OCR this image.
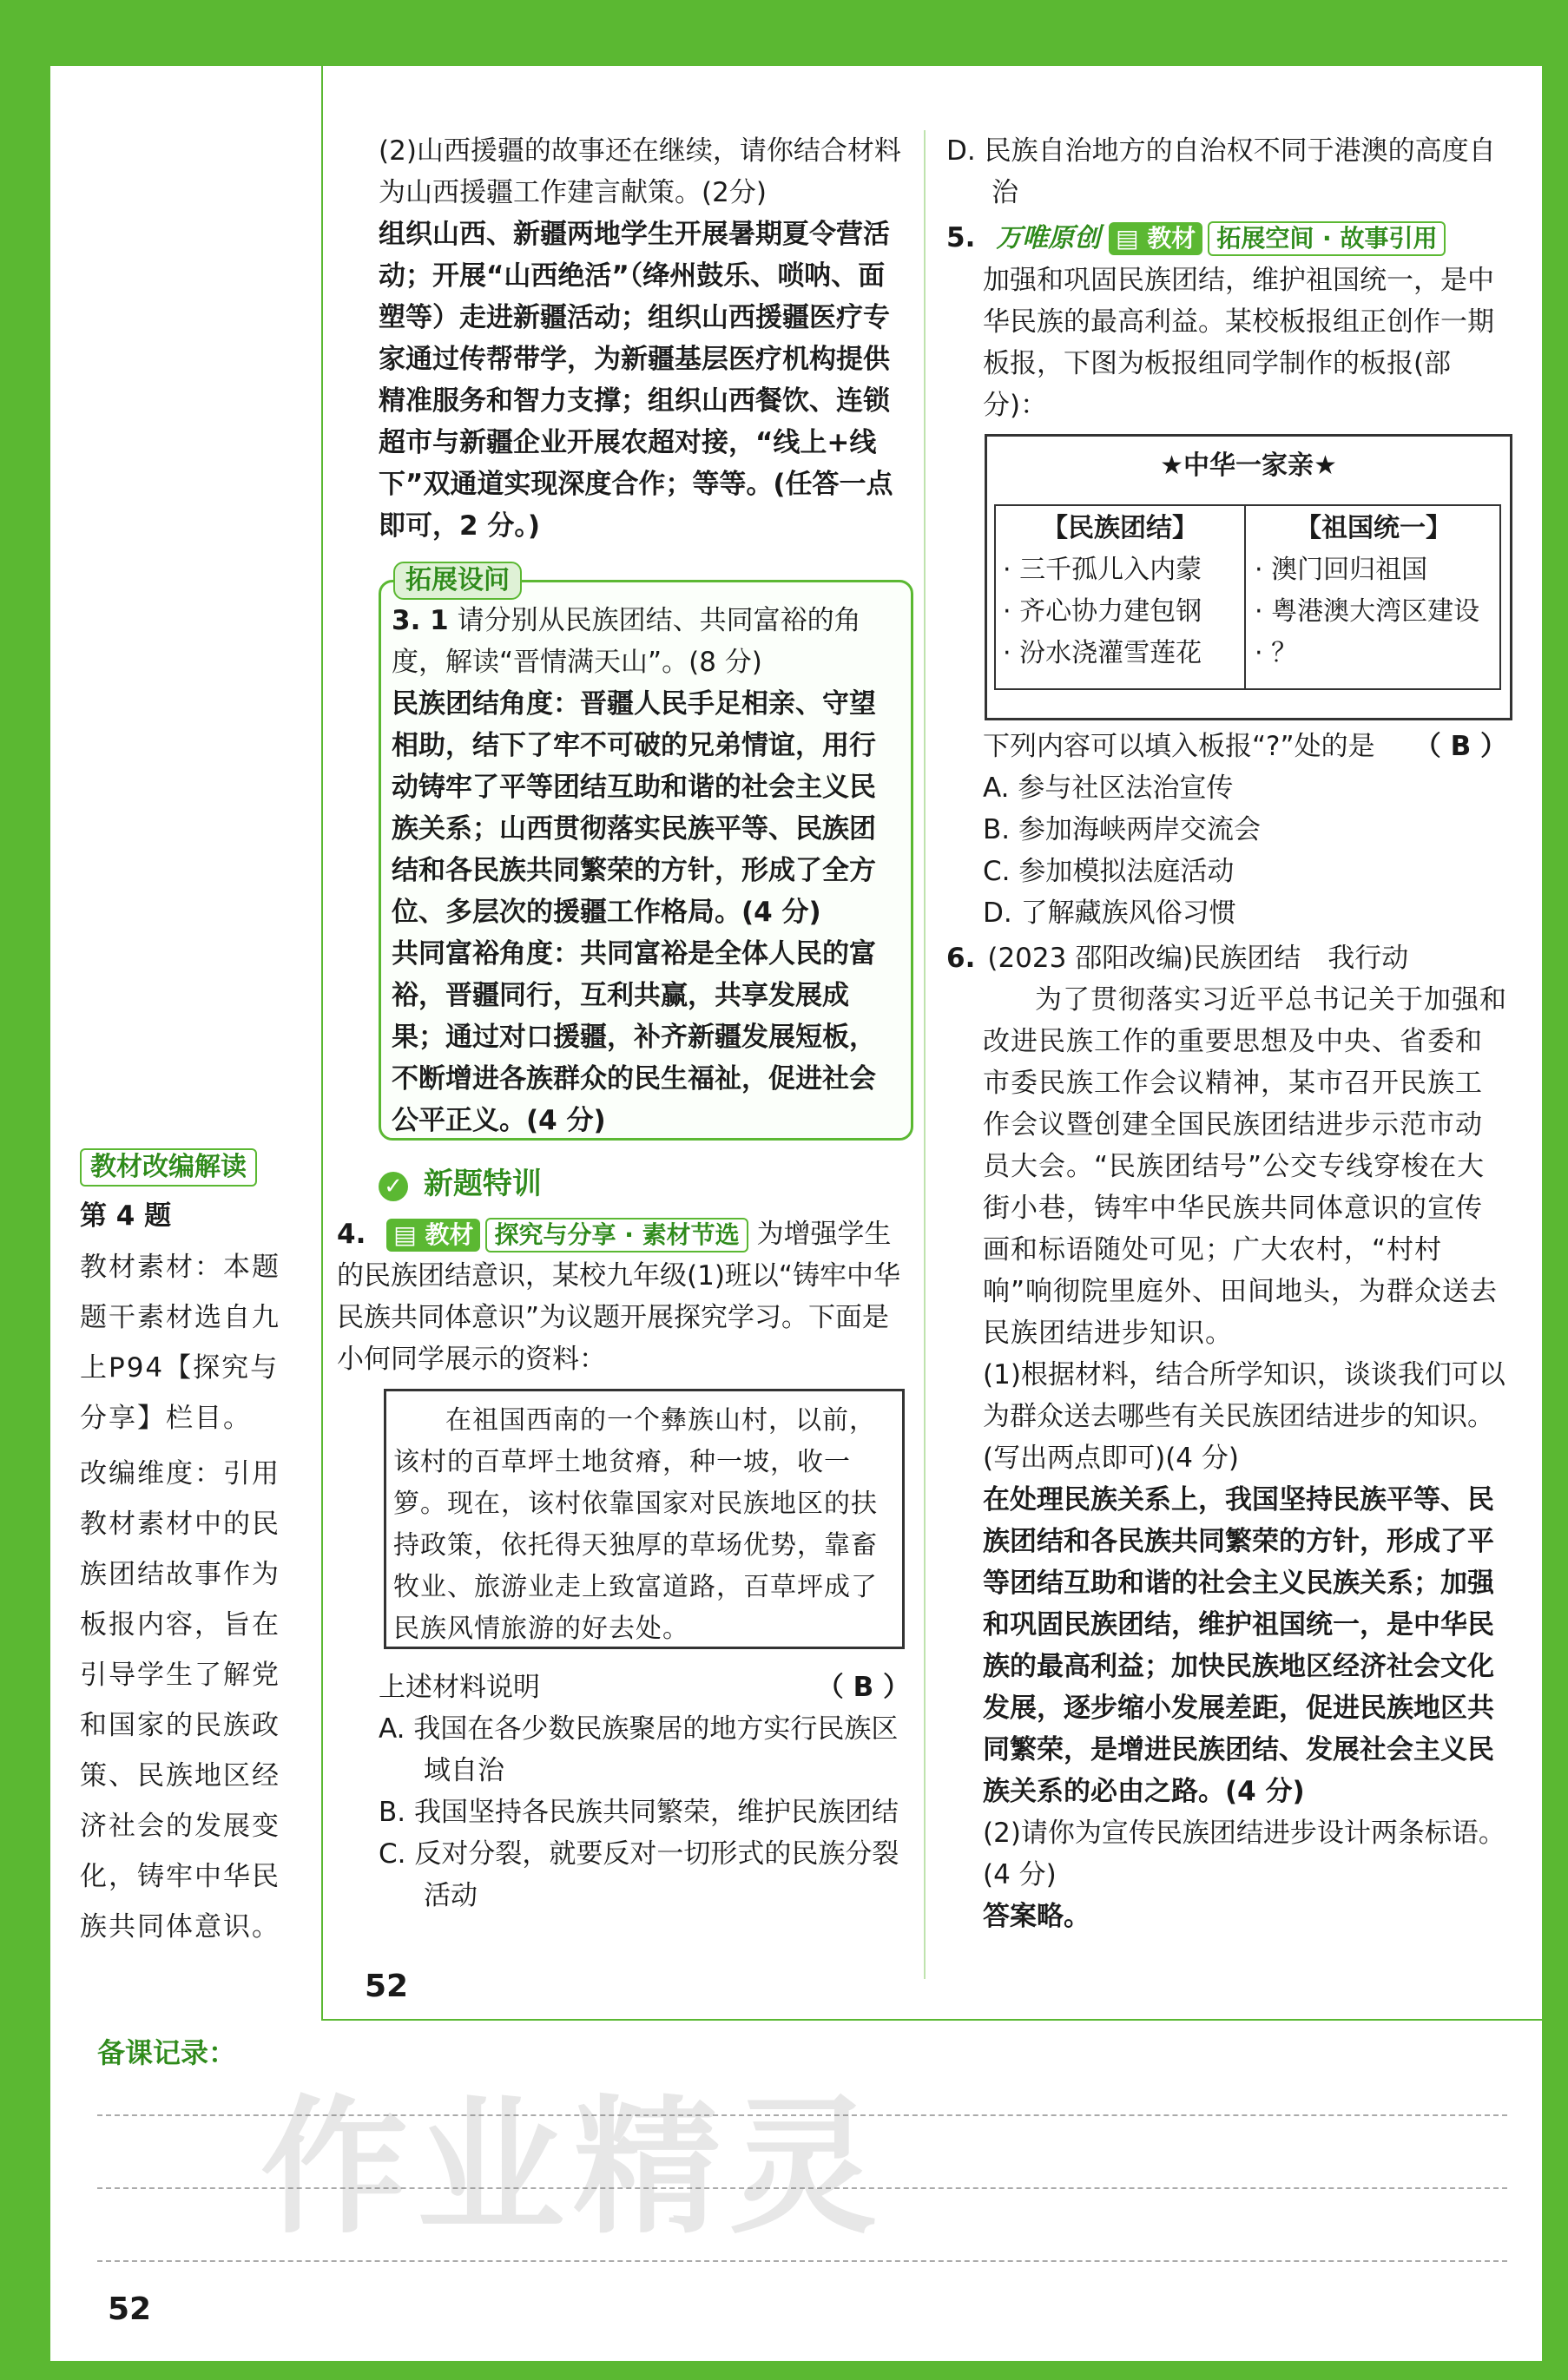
教材改编解读
第 4 题
教材素材：本题题干素材选自九上P94【探究与分享】栏目。
改编维度：引用教材素材中的民族团结故事作为板报内容，旨在引导学生了解党和国家的民族政策、民族地区经济社会的发展变化，铸牢中华民族共同体意识。
(2)山西援疆的故事还在继续，请你结合材料为山西援疆工作建言献策。(2分)
组织山西、新疆两地学生开展暑期夏令营活动；开展“山西绝活”（绛州鼓乐、唢呐、面塑等）走进新疆活动；组织山西援疆医疗专家通过传帮带学，为新疆基层医疗机构提供精准服务和智力支撑；组织山西餐饮、连锁超市与新疆企业开展农超对接，“线上+线下”双通道实现深度合作；等等。(任答一点即可，2 分。)
拓展设问
3. 1 请分别从民族团结、共同富裕的角度，解读“晋情满天山”。(8 分)
民族团结角度：晋疆人民手足相亲、守望相助，结下了牢不可破的兄弟情谊，用行动铸牢了平等团结互助和谐的社会主义民族关系；山西贯彻落实民族平等、民族团结和各民族共同繁荣的方针，形成了全方位、多层次的援疆工作格局。(4 分)
共同富裕角度：共同富裕是全体人民的富裕，晋疆同行，互利共赢，共享发展成果；通过对口援疆，补齐新疆发展短板，不断增进各族群众的民生福祉，促进社会公平正义。(4 分)
✓ 新题特训
4. ▤ 教材 探究与分享 · 素材节选 为增强学生的民族团结意识，某校九年级(1)班以“铸牢中华民族共同体意识”为议题开展探究学习。下面是小何同学展示的资料：
在祖国西南的一个彝族山村，以前，该村的百草坪土地贫瘠，种一坡，收一箩。现在，该村依靠国家对民族地区的扶持政策，依托得天独厚的草场优势，靠畜牧业、旅游业走上致富道路，百草坪成了民族风情旅游的好去处。
上述材料说明	（ B ）
A. 我国在各少数民族聚居的地方实行民族区域自治
B. 我国坚持各民族共同繁荣，维护民族团结
C. 反对分裂，就要反对一切形式的民族分裂活动
52
D. 民族自治地方的自治权不同于港澳的高度自治
5. 万唯原创 ▤ 教材 拓展空间 · 故事引用
加强和巩固民族团结，维护祖国统一，是中华民族的最高利益。某校板报组正创作一期板报，下图为板报组同学制作的板报(部分)：
★中华一家亲★
【民族团结】
· 三千孤儿入内蒙
· 齐心协力建包钢
· 汾水浇灌雪莲花
【祖国统一】
· 澳门回归祖国
· 粤港澳大湾区建设
· ？
下列内容可以填入板报“?”处的是 （ B ）
A. 参与社区法治宣传
B. 参加海峡两岸交流会
C. 参加模拟法庭活动
D. 了解藏族风俗习惯
6. (2023 邵阳改编)民族团结　我行动
为了贯彻落实习近平总书记关于加强和改进民族工作的重要思想及中央、省委和市委民族工作会议精神，某市召开民族工作会议暨创建全国民族团结进步示范市动员大会。“民族团结号”公交专线穿梭在大街小巷，铸牢中华民族共同体意识的宣传画和标语随处可见；广大农村，“村村响”响彻院里庭外、田间地头，为群众送去民族团结进步知识。
(1)根据材料，结合所学知识，谈谈我们可以为群众送去哪些有关民族团结进步的知识。(写出两点即可)(4 分)
在处理民族关系上，我国坚持民族平等、民族团结和各民族共同繁荣的方针，形成了平等团结互助和谐的社会主义民族关系；加强和巩固民族团结，维护祖国统一，是中华民族的最高利益；加快民族地区经济社会文化发展，逐步缩小发展差距，促进民族地区共同繁荣，是增进民族团结、发展社会主义民族关系的必由之路。(4 分)
(2)请你为宣传民族团结进步设计两条标语。(4 分)
答案略。
备课记录：
作业精灵
52
